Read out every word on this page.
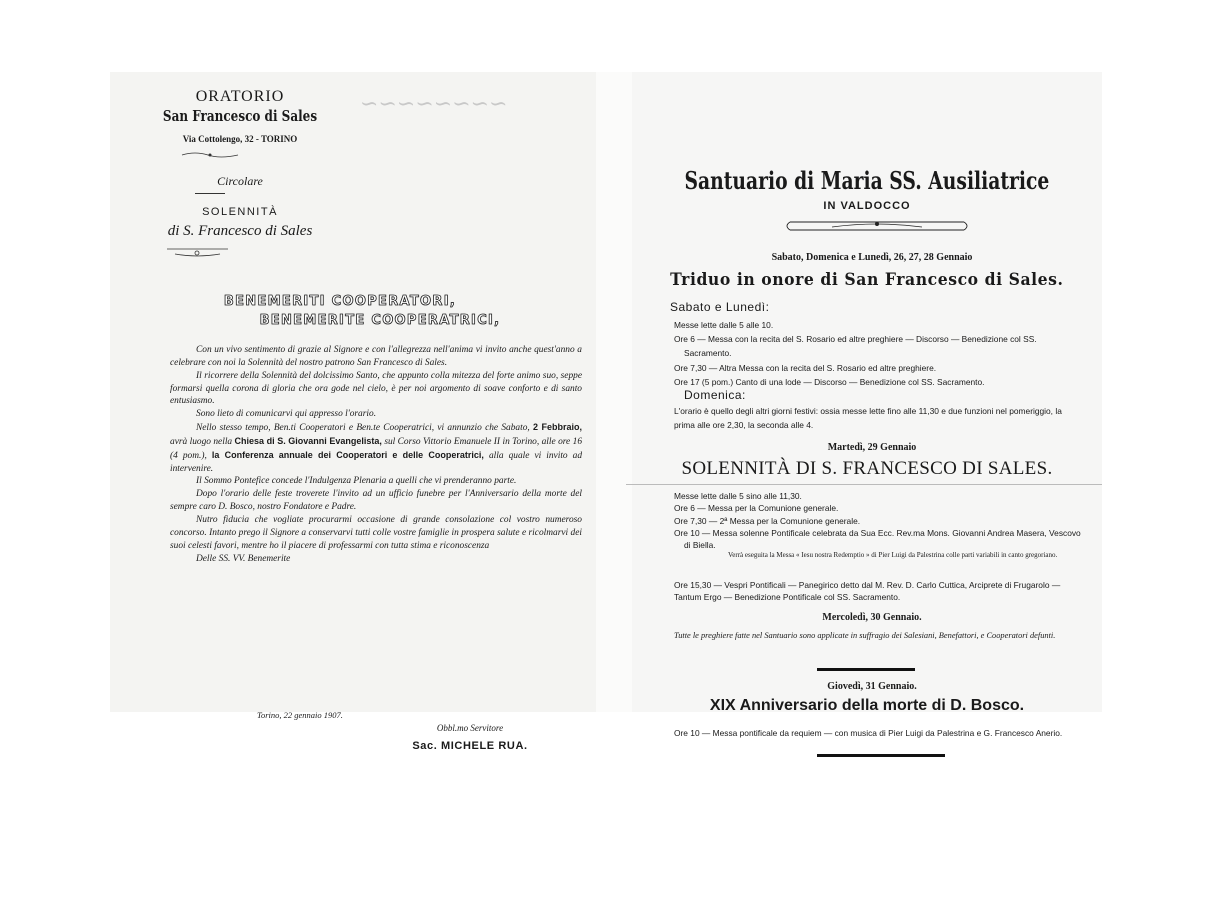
~~~~~~~~
ORATORIO
San Francesco di Sales
Via Cottolengo, 32 - TORINO
Circolare
SOLENNITÀ
di S. Francesco di Sales
BENEMERITI COOPERATORI,
BENEMERITE COOPERATRICI,

Con un vivo sentimento di grazie al Signore e con l'allegrezza nell'anima vi invito anche quest'anno a celebrare con noi la Solennità del nostro patrono San Francesco di Sales.

Il ricorrere della Solennità del dolcissimo Santo, che appunto colla mitezza del forte animo suo, seppe formarsi quella corona di gloria che ora gode nel cielo, è per noi argomento di soave conforto e di santo entusiasmo.

Sono lieto di comunicarvi qui appresso l'orario.

Nello stesso tempo, Ben.ti Cooperatori e Ben.te Cooperatrici, vi annunzio che Sabato, 2 Febbraio, avrà luogo nella Chiesa di S. Giovanni Evangelista, sul Corso Vittorio Emanuele II in Torino, alle ore 16 (4 pom.), la Conferenza annuale dei Cooperatori e delle Cooperatrici, alla quale vi invito ad intervenire.

Il Sommo Pontefice concede l'Indulgenza Plenaria a quelli che vi prenderanno parte.

Dopo l'orario delle feste troverete l'invito ad un ufficio funebre per l'Anniversario della morte del sempre caro D. Bosco, nostro Fondatore e Padre.

Nutro fiducia che vogliate procurarmi occasione di grande consolazione col vostro numeroso concorso. Intanto prego il Signore a conservarvi tutti colle vostre famiglie in prospera salute e ricolmarvi dei suoi celesti favori, mentre ho il piacere di professarmi con tutta stima e riconoscenza

Delle SS. VV. Benemerite

Torino, 22 gennaio 1907.
Obbl.mo Servitore
Sac. MICHELE RUA.
Santuario di Maria SS. Ausiliatrice
IN VALDOCCO
Sabato, Domenica e Lunedì, 26, 27, 28 Gennaio
Triduo in onore di San Francesco di Sales.
Sabato e Lunedì:
Messe lette dalle 5 alle 10.
Ore 6 — Messa con la recita del S. Rosario ed altre preghiere — Discorso — Benedizione col SS. Sacramento.
Ore 7,30 — Altra Messa con la recita del S. Rosario ed altre preghiere.
Ore 17 (5 pom.) Canto di una lode — Discorso — Benedizione col SS. Sacramento.
Domenica:
L'orario è quello degli altri giorni festivi: ossia messe lette fino alle 11,30 e due funzioni nel pomeriggio, la prima alle ore 2,30, la seconda alle 4.
Martedì, 29 Gennaio
SOLENNITÀ DI S. FRANCESCO DI SALES.
Messe lette dalle 5 sino alle 11,30.
Ore 6 — Messa per la Comunione generale.
Ore 7,30 — 2ª Messa per la Comunione generale.
Ore 10 — Messa solenne Pontificale celebrata da Sua Ecc. Rev.ma Mons. Giovanni Andrea Masera, Vescovo di Biella.
Verrà eseguita la Messa « Iesu nostra Redemptio » di Pier Luigi da Palestrina colle parti variabili in canto gregoriano.
Ore 15,30 — Vespri Pontificali — Panegirico detto dal M. Rev. D. Carlo Cuttica, Arciprete di Frugarolo — Tantum Ergo — Benedizione Pontificale col SS. Sacramento.
Mercoledì, 30 Gennaio.
Tutte le preghiere fatte nel Santuario sono applicate in suffragio dei Salesiani, Benefattori, e Cooperatori defunti.
Giovedì, 31 Gennaio.
XIX Anniversario della morte di D. Bosco.
Ore 10 — Messa pontificale da requiem — con musica di Pier Luigi da Palestrina e G. Francesco Anerio.
